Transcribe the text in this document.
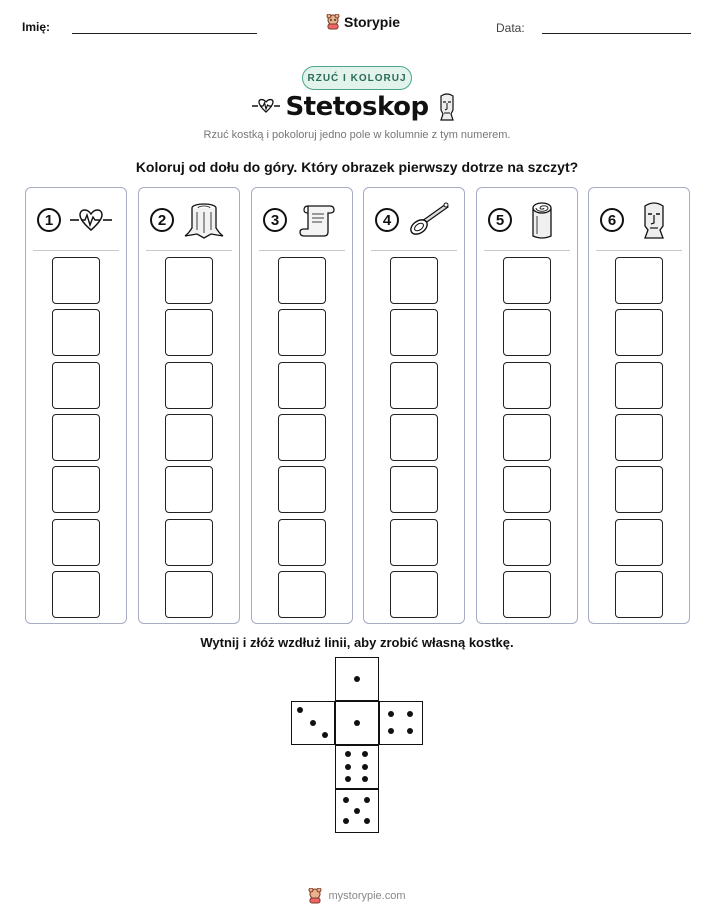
Imię:	Storypie	Data:
RZUĆ I KOLORUJ
Stetoskop
Rzuć kostką i pokoloruj jedno pole w kolumnie z tym numerem.
Koloruj od dołu do góry. Który obrazek pierwszy dotrze na szczyt?
1	2	3	4	5	6
Wytnij i złóż wzdłuż linii, aby zrobić własną kostkę.
mystorypie.com
